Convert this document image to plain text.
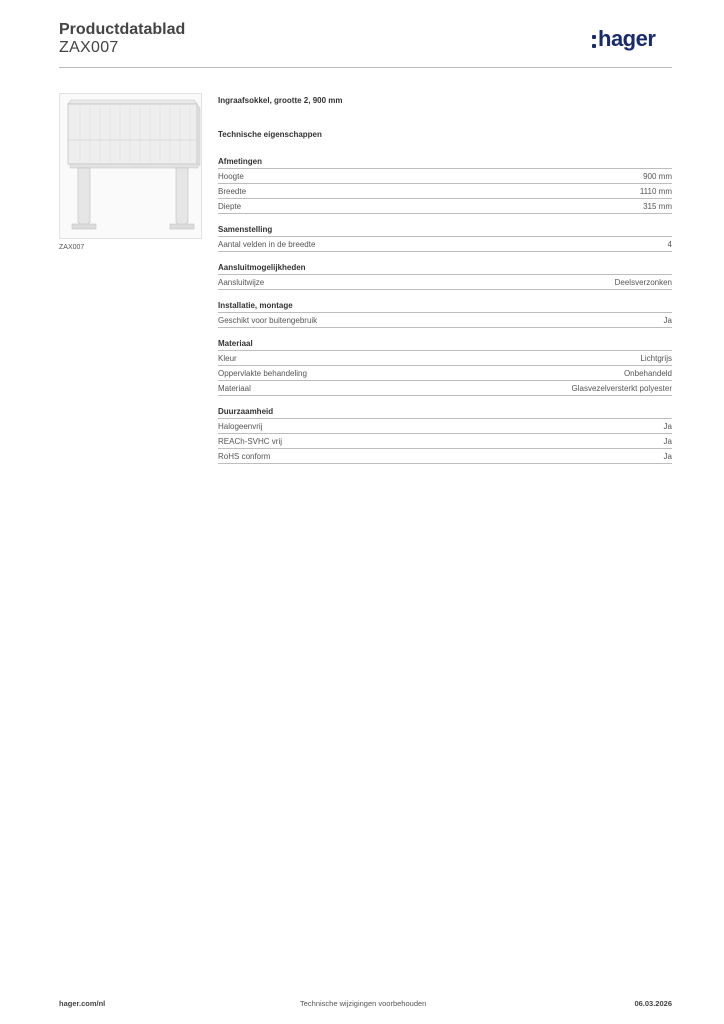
Productdatablad
ZAX007	hager
ZAX007
Ingraafsokkel, grootte 2, 900 mm
Technische eigenschappen
Afmetingen
Hoogte	900 mm
Breedte	1110 mm
Diepte	315 mm
Samenstelling
Aantal velden in de breedte	4
Aansluitmogelijkheden
Aansluitwijze	Deelsverzonken
Installatie, montage
Geschikt voor buitengebruik	Ja
Materiaal
Kleur	Lichtgrijs
Oppervlakte behandeling	Onbehandeld
Materiaal	Glasvezelversterkt polyester
Duurzaamheid
Halogeenvrij	Ja
REACh-SVHC vrij	Ja
RoHS conform	Ja
hager.com/nl	Technische wijzigingen voorbehouden	06.03.2026
